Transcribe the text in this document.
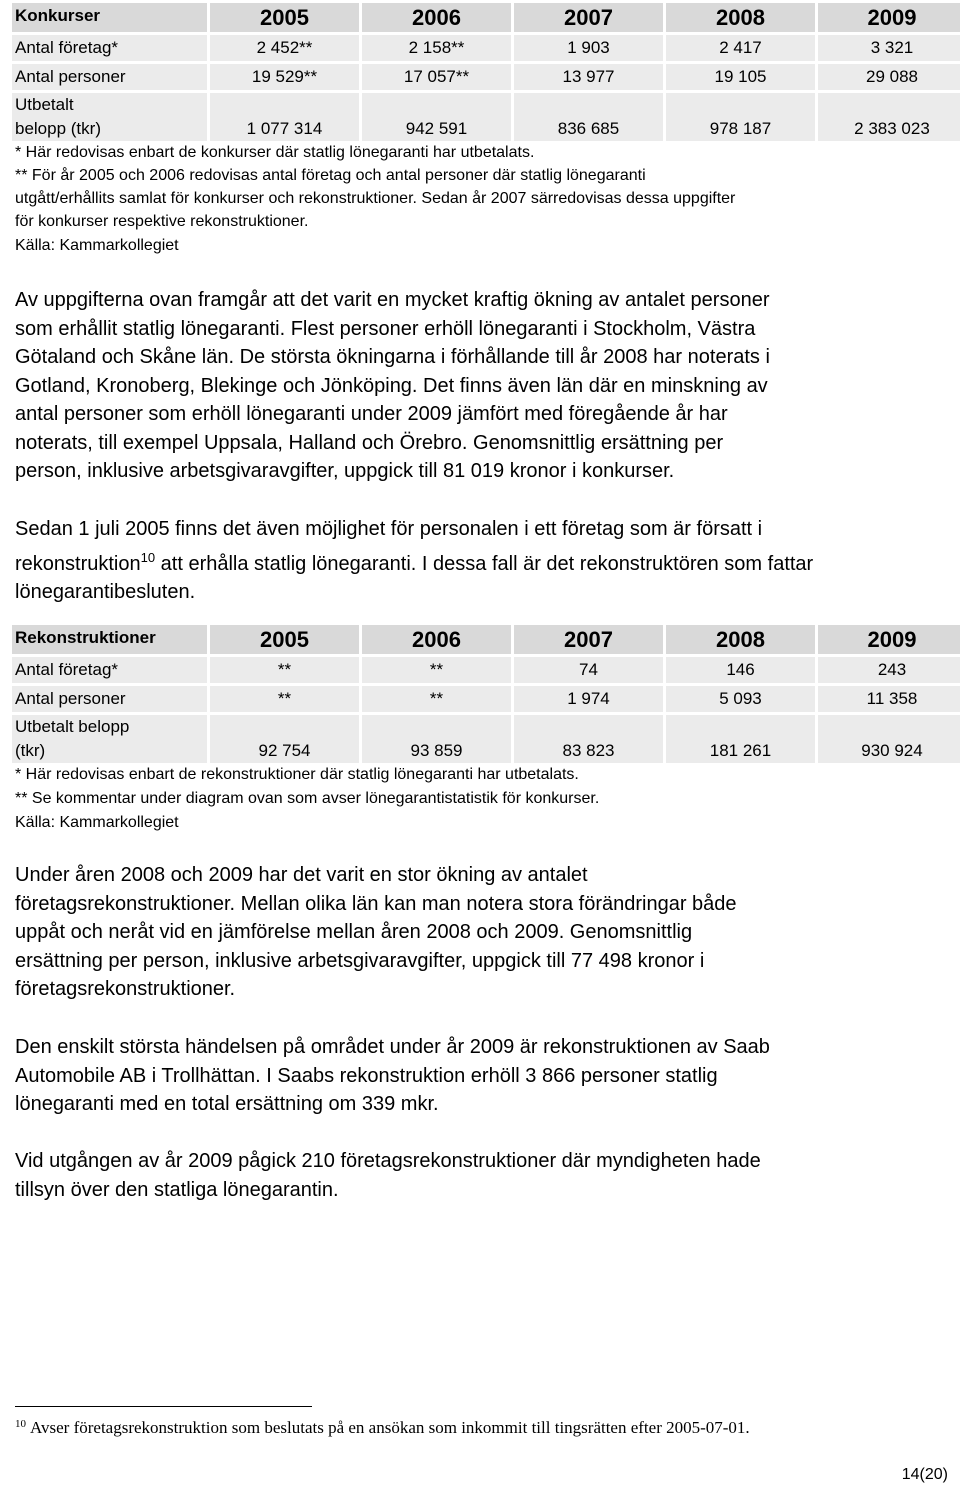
Konkurser	2005	2006	2007	2008	2009
Antal företag*	2 452**	2 158**	1 903	2 417	3 321
Antal personer	19 529**	17 057**	13 977	19 105	29 088
Utbetalt
belopp (tkr)	1 077 314	942 591	836 685	978 187	2 383 023
* Här redovisas enbart de konkurser där statlig lönegaranti har utbetalats.
** För år 2005 och 2006 redovisas antal företag och antal personer där statlig lönegaranti
utgått/erhållits samlat för konkurser och rekonstruktioner. Sedan år 2007 särredovisas dessa uppgifter
för konkurser respektive rekonstruktioner.
Källa: Kammarkollegiet
Av uppgifterna ovan framgår att det varit en mycket kraftig ökning av antalet personer
som erhållit statlig lönegaranti. Flest personer erhöll lönegaranti i Stockholm, Västra
Götaland och Skåne län. De största ökningarna i förhållande till år 2008 har noterats i
Gotland, Kronoberg, Blekinge och Jönköping. Det finns även län där en minskning av
antal personer som erhöll lönegaranti under 2009 jämfört med föregående år har
noterats, till exempel Uppsala, Halland och Örebro. Genomsnittlig ersättning per
person, inklusive arbetsgivaravgifter, uppgick till 81 019 kronor i konkurser.
Sedan 1 juli 2005 finns det även möjlighet för personalen i ett företag som är försatt i
rekonstruktion$^{10}$ att erhålla statlig lönegaranti. I dessa fall är det rekonstruktören som fattar
lönegarantibesluten.
Rekonstruktioner	2005	2006	2007	2008	2009
Antal företag*	**	**	74	146	243
Antal personer	**	**	1 974	5 093	11 358
Utbetalt belopp
(tkr)	92 754	93 859	83 823	181 261	930 924
* Här redovisas enbart de rekonstruktioner där statlig lönegaranti har utbetalats.
** Se kommentar under diagram ovan som avser lönegarantistatistik för konkurser.
Källa: Kammarkollegiet
Under åren 2008 och 2009 har det varit en stor ökning av antalet
företagsrekonstruktioner. Mellan olika län kan man notera stora förändringar både
uppåt och neråt vid en jämförelse mellan åren 2008 och 2009. Genomsnittlig
ersättning per person, inklusive arbetsgivaravgifter, uppgick till 77 498 kronor i
företagsrekonstruktioner.
Den enskilt största händelsen på området under år 2009 är rekonstruktionen av Saab
Automobile AB i Trollhättan. I Saabs rekonstruktion erhöll 3 866 personer statlig
lönegaranti med en total ersättning om 339 mkr.
Vid utgången av år 2009 pågick 210 företagsrekonstruktioner där myndigheten hade
tillsyn över den statliga lönegarantin.
$^{10}$ Avser företagsrekonstruktion som beslutats på en ansökan som inkommit till tingsrätten efter 2005-07-01.
14(20)
